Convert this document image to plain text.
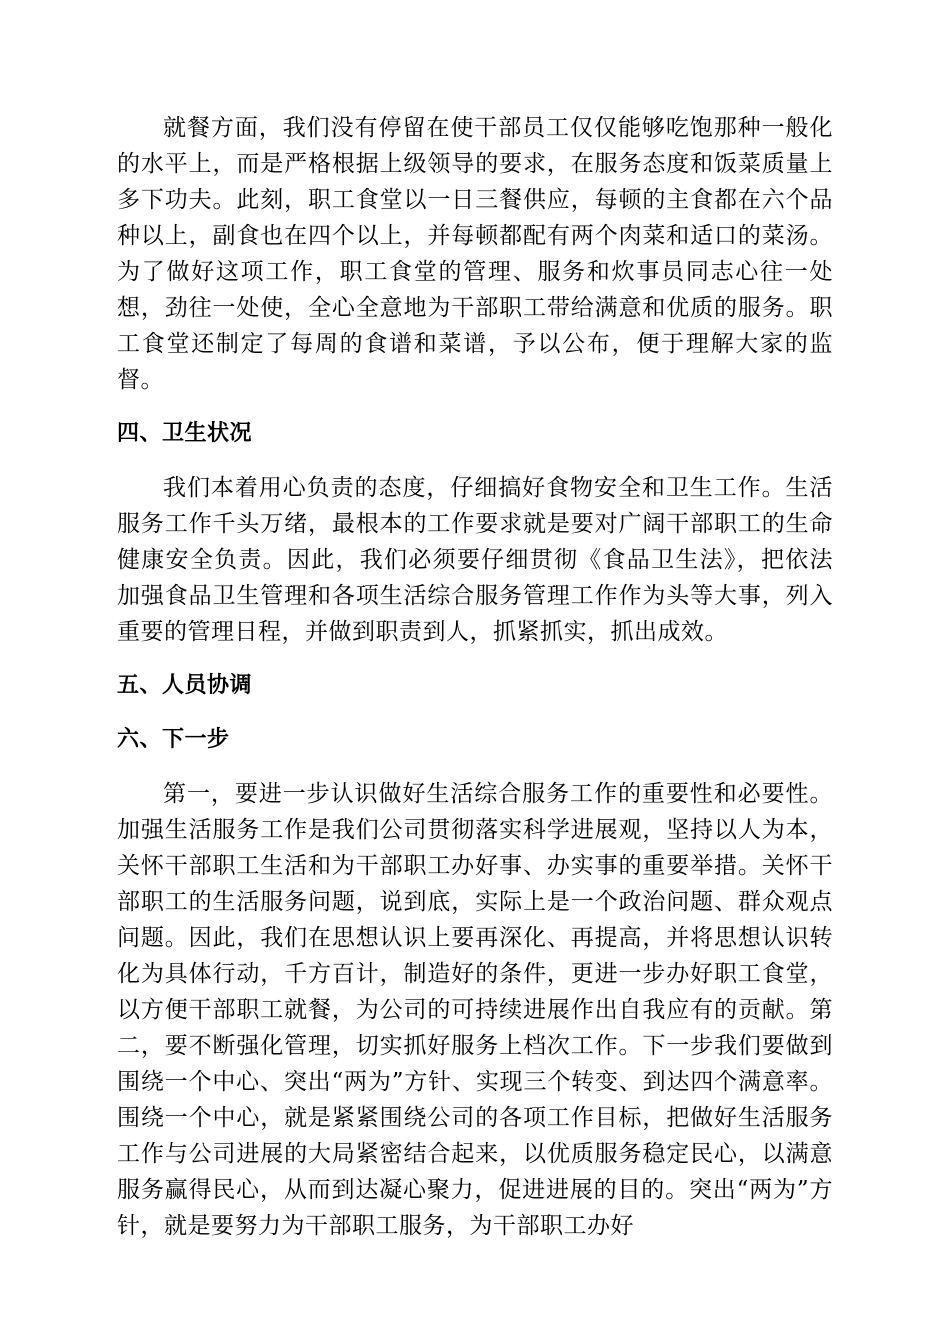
就餐方面，我们没有停留在使干部员工仅仅能够吃饱那种一般化的水平上，而是严格根据上级领导的要求，在服务态度和饭菜质量上多下功夫。此刻，职工食堂以一日三餐供应，每顿的主食都在六个品种以上，副食也在四个以上，并每顿都配有两个肉菜和适口的菜汤。为了做好这项工作，职工食堂的管理、服务和炊事员同志心往一处想，劲往一处使，全心全意地为干部职工带给满意和优质的服务。职工食堂还制定了每周的食谱和菜谱，予以公布，便于理解大家的监督。

四、卫生状况

我们本着用心负责的态度，仔细搞好食物安全和卫生工作。生活服务工作千头万绪，最根本的工作要求就是要对广阔干部职工的生命健康安全负责。因此，我们必须要仔细贯彻《食品卫生法》，把依法加强食品卫生管理和各项生活综合服务管理工作作为头等大事，列入重要的管理日程，并做到职责到人，抓紧抓实，抓出成效。

五、人员协调

六、下一步

第一，要进一步认识做好生活综合服务工作的重要性和必要性。加强生活服务工作是我们公司贯彻落实科学进展观，坚持以人为本，关怀干部职工生活和为干部职工办好事、办实事的重要举措。关怀干部职工的生活服务问题，说到底，实际上是一个政治问题、群众观点问题。因此，我们在思想认识上要再深化、再提高，并将思想认识转化为具体行动，千方百计，制造好的条件，更进一步办好职工食堂，以方便干部职工就餐，为公司的可持续进展作出自我应有的贡献。第二，要不断强化管理，切实抓好服务上档次工作。下一步我们要做到围绕一个中心、突出“两为”方针、实现三个转变、到达四个满意率。围绕一个中心，就是紧紧围绕公司的各项工作目标，把做好生活服务工作与公司进展的大局紧密结合起来，以优质服务稳定民心，以满意服务赢得民心，从而到达凝心聚力，促进进展的目的。突出“两为”方针，就是要努力为干部职工服务，为干部职工办好
